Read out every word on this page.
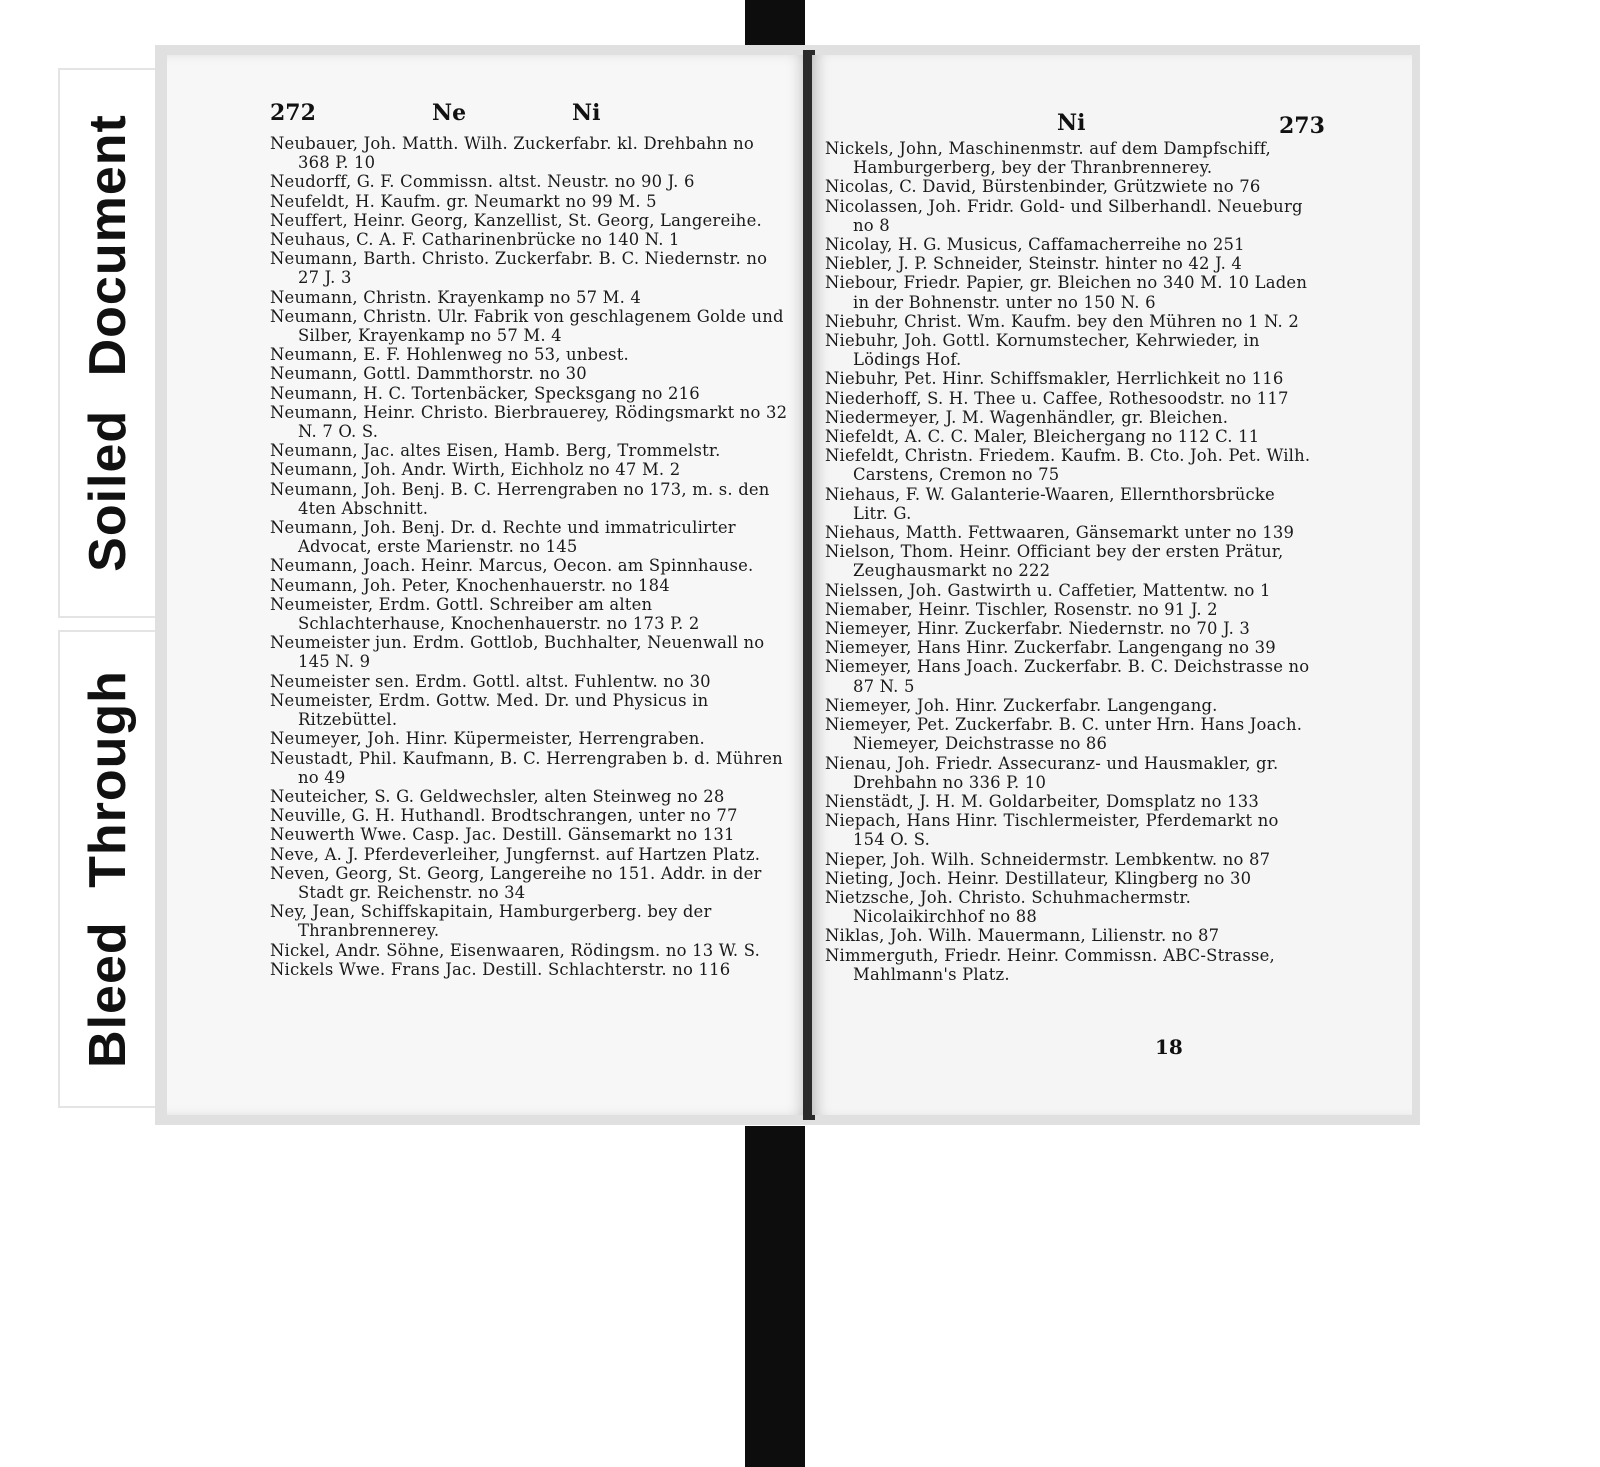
Soiled Document
Bleed Through
272	Ne	Ni
Neubauer, Joh. Matth. Wilh. Zuckerfabr. kl. Drehbahn no 368 P. 10
Neudorff, G. F. Commissn. altst. Neustr. no 90 J. 6
Neufeldt, H. Kaufm. gr. Neumarkt no 99 M. 5
Neuffert, Heinr. Georg, Kanzellist, St. Georg, Langereihe.
Neuhaus, C. A. F. Catharinenbrücke no 140 N. 1
Neumann, Barth. Christo. Zuckerfabr. B. C. Niedernstr. no 27 J. 3
Neumann, Christn. Krayenkamp no 57 M. 4
Neumann, Christn. Ulr. Fabrik von geschlagenem Golde und Silber, Krayenkamp no 57 M. 4
Neumann, E. F. Hohlenweg no 53, unbest.
Neumann, Gottl. Dammthorstr. no 30
Neumann, H. C. Tortenbäcker, Specksgang no 216
Neumann, Heinr. Christo. Bierbrauerey, Rödingsmarkt no 32 N. 7 O. S.
Neumann, Jac. altes Eisen, Hamb. Berg, Trommelstr.
Neumann, Joh. Andr. Wirth, Eichholz no 47 M. 2
Neumann, Joh. Benj. B. C. Herrengraben no 173, m. s. den 4ten Abschnitt.
Neumann, Joh. Benj. Dr. d. Rechte und immatriculirter Advocat, erste Marienstr. no 145
Neumann, Joach. Heinr. Marcus, Oecon. am Spinnhause.
Neumann, Joh. Peter, Knochenhauerstr. no 184
Neumeister, Erdm. Gottl. Schreiber am alten Schlachterhause, Knochenhauerstr. no 173 P. 2
Neumeister jun. Erdm. Gottlob, Buchhalter, Neuenwall no 145 N. 9
Neumeister sen. Erdm. Gottl. altst. Fuhlentw. no 30
Neumeister, Erdm. Gottw. Med. Dr. und Physicus in Ritzebüttel.
Neumeyer, Joh. Hinr. Küpermeister, Herrengraben.
Neustadt, Phil. Kaufmann, B. C. Herrengraben b. d. Mühren no 49
Neuteicher, S. G. Geldwechsler, alten Steinweg no 28
Neuville, G. H. Huthandl. Brodtschrangen, unter no 77
Neuwerth Wwe. Casp. Jac. Destill. Gänsemarkt no 131
Neve, A. J. Pferdeverleiher, Jungfernst. auf Hartzen Platz.
Neven, Georg, St. Georg, Langereihe no 151. Addr. in der Stadt gr. Reichenstr. no 34
Ney, Jean, Schiffskapitain, Hamburgerberg. bey der Thranbrennerey.
Nickel, Andr. Söhne, Eisenwaaren, Rödingsm. no 13 W. S.
Nickels Wwe. Frans Jac. Destill. Schlachterstr. no 116
Ni	273
Nickels, John, Maschinenmstr. auf dem Dampfschiff, Hamburgerberg, bey der Thranbrennerey.
Nicolas, C. David, Bürstenbinder, Grützwiete no 76
Nicolassen, Joh. Fridr. Gold- und Silberhandl. Neueburg no 8
Nicolay, H. G. Musicus, Caffamacherreihe no 251
Niebler, J. P. Schneider, Steinstr. hinter no 42 J. 4
Niebour, Friedr. Papier, gr. Bleichen no 340 M. 10 Laden in der Bohnenstr. unter no 150 N. 6
Niebuhr, Christ. Wm. Kaufm. bey den Mühren no 1 N. 2
Niebuhr, Joh. Gottl. Kornumstecher, Kehrwieder, in Lödings Hof.
Niebuhr, Pet. Hinr. Schiffsmakler, Herrlichkeit no 116
Niederhoff, S. H. Thee u. Caffee, Rothesoodstr. no 117
Niedermeyer, J. M. Wagenhändler, gr. Bleichen.
Niefeldt, A. C. C. Maler, Bleichergang no 112 C. 11
Niefeldt, Christn. Friedem. Kaufm. B. Cto. Joh. Pet. Wilh. Carstens, Cremon no 75
Niehaus, F. W. Galanterie-Waaren, Ellernthorsbrücke Litr. G.
Niehaus, Matth. Fettwaaren, Gänsemarkt unter no 139
Nielson, Thom. Heinr. Officiant bey der ersten Prätur, Zeughausmarkt no 222
Nielssen, Joh. Gastwirth u. Caffetier, Mattentw. no 1
Niemaber, Heinr. Tischler, Rosenstr. no 91 J. 2
Niemeyer, Hinr. Zuckerfabr. Niedernstr. no 70 J. 3
Niemeyer, Hans Hinr. Zuckerfabr. Langengang no 39
Niemeyer, Hans Joach. Zuckerfabr. B. C. Deichstrasse no 87 N. 5
Niemeyer, Joh. Hinr. Zuckerfabr. Langengang.
Niemeyer, Pet. Zuckerfabr. B. C. unter Hrn. Hans Joach. Niemeyer, Deichstrasse no 86
Nienau, Joh. Friedr. Assecuranz- und Hausmakler, gr. Drehbahn no 336 P. 10
Nienstädt, J. H. M. Goldarbeiter, Domsplatz no 133
Niepach, Hans Hinr. Tischlermeister, Pferdemarkt no 154 O. S.
Nieper, Joh. Wilh. Schneidermstr. Lembkentw. no 87
Nieting, Joch. Heinr. Destillateur, Klingberg no 30
Nietzsche, Joh. Christo. Schuhmachermstr. Nicolaikirchhof no 88
Niklas, Joh. Wilh. Mauermann, Lilienstr. no 87
Nimmerguth, Friedr. Heinr. Commissn. ABC-Strasse, Mahlmann's Platz.
18
